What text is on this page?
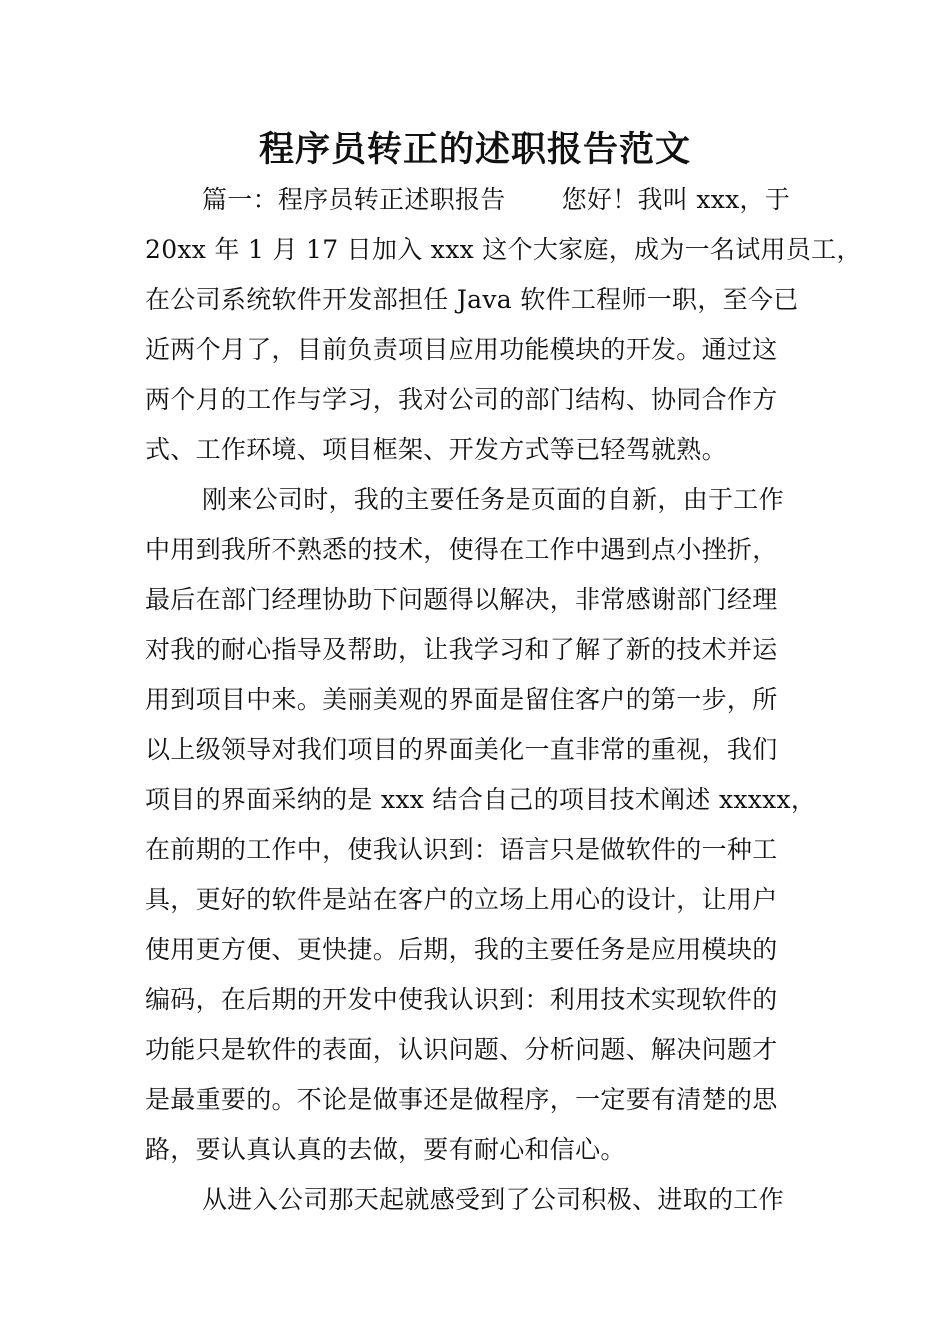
程序员转正的述职报告范文
篇一：程序员转正述职报告 您好！我叫 xxx，于
20xx 年 1 月 17 日加入 xxx 这个大家庭，成为一名试用员工，
在公司系统软件开发部担任 Java 软件工程师一职，至今已
近两个月了，目前负责项目应用功能模块的开发。通过这
两个月的工作与学习，我对公司的部门结构、协同合作方
式、工作环境、项目框架、开发方式等已轻驾就熟。
刚来公司时，我的主要任务是页面的自新，由于工作
中用到我所不熟悉的技术，使得在工作中遇到点小挫折，
最后在部门经理协助下问题得以解决，非常感谢部门经理
对我的耐心指导及帮助，让我学习和了解了新的技术并运
用到项目中来。美丽美观的界面是留住客户的第一步，所
以上级领导对我们项目的界面美化一直非常的重视，我们
项目的界面采纳的是 xxx 结合自己的项目技术阐述 xxxxx，
在前期的工作中，使我认识到：语言只是做软件的一种工
具，更好的软件是站在客户的立场上用心的设计，让用户
使用更方便、更快捷。后期，我的主要任务是应用模块的
编码，在后期的开发中使我认识到：利用技术实现软件的
功能只是软件的表面，认识问题、分析问题、解决问题才
是最重要的。不论是做事还是做程序，一定要有清楚的思
路，要认真认真的去做，要有耐心和信心。
从进入公司那天起就感受到了公司积极、进取的工作
